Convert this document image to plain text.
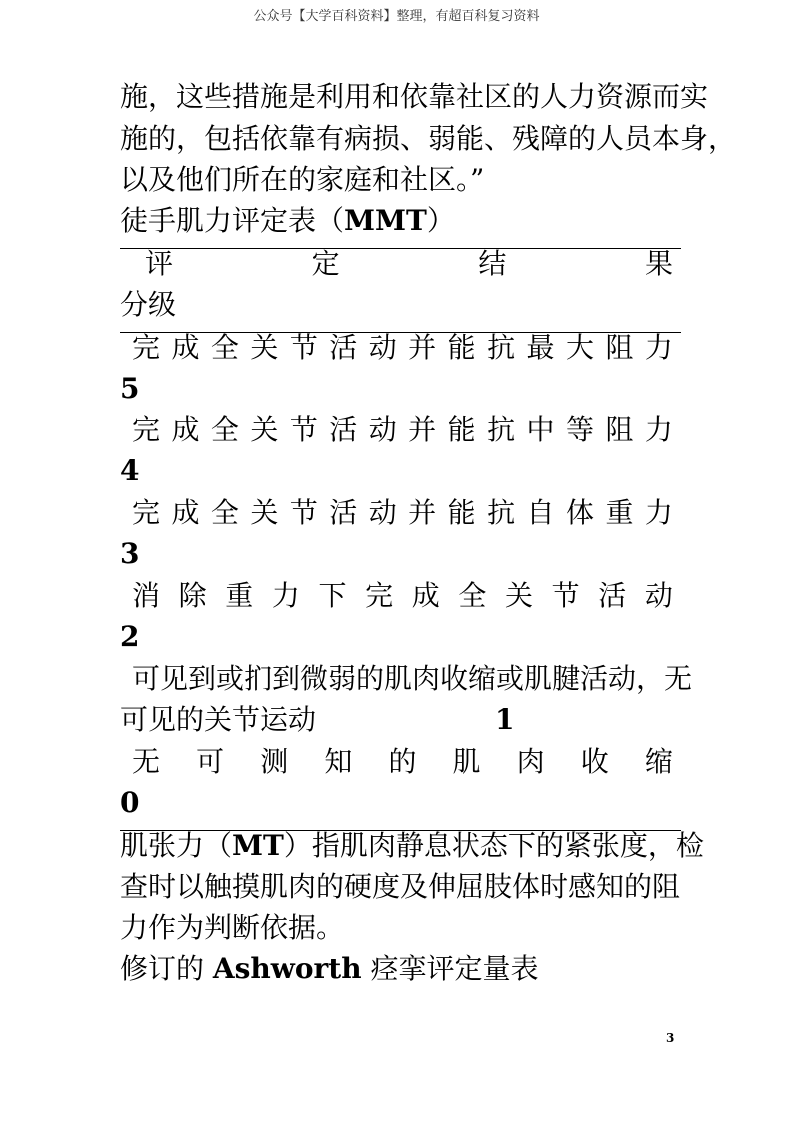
公众号【大学百科资料】整理，有超百科复习资料
施，这些措施是利用和依靠社区的人力资源而实
施的，包括依靠有病损、弱能、残障的人员本身，
以及他们所在的家庭和社区。”
徒手肌力评定表（MMT）
评	定	结	果
分级
完 成 全 关 节 活 动 并 能 抗 最 大 阻 力
5
完 成 全 关 节 活 动 并 能 抗 中 等 阻 力
4
完 成 全 关 节 活 动 并 能 抗 自 体 重 力
3
消 除 重 力 下 完 成 全 关 节 活 动
2
可见到或扪到微弱的肌肉收缩或肌腱活动，无
可见的关节运动	1
无 可 测 知 的 肌 肉 收 缩
0
肌张力（MT）指肌肉静息状态下的紧张度，检
查时以触摸肌肉的硬度及伸屈肢体时感知的阻
力作为判断依据。
修订的 Ashworth 痉挛评定量表
3
